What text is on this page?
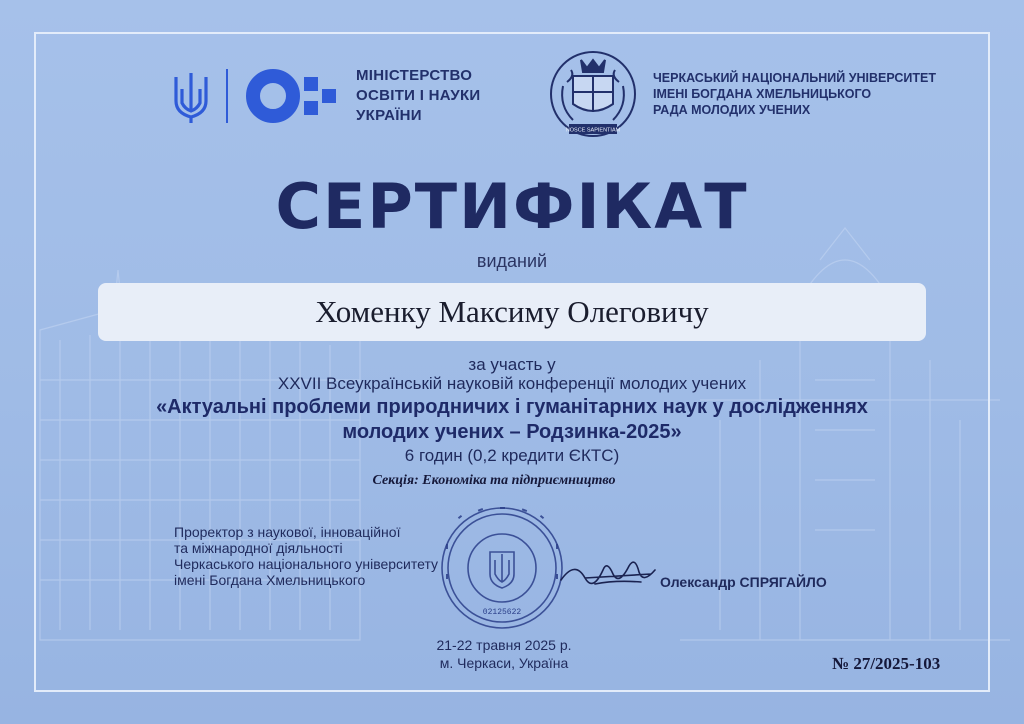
МІНІСТЕРСТВО
ОСВІТИ І НАУКИ
УКРАЇНИ
NOSCE SAPIENTIAM
ЧЕРКАСЬКИЙ НАЦІОНАЛЬНИЙ УНІВЕРСИТЕТ
ІМЕНІ БОГДАНА ХМЕЛЬНИЦЬКОГО
РАДА МОЛОДИХ УЧЕНИХ
СЕРТИФІКАТ
виданий
Хоменку Максиму Олеговичу
за участь у
XXVII Всеукраїнській науковій конференції молодих учених
«Актуальні проблеми природничих і гуманітарних наук у дослідженнях
молодих учених – Родзинка-2025»
6 годин (0,2 кредити ЄКТС)
Секція: Економіка та підприємництво
Проректор з наукової, інноваційної
та міжнародної діяльності
Черкаського національного університету
імені Богдана Хмельницького
02125622
Олександр СПРЯГАЙЛО
21-22 травня 2025 р.
м. Черкаси, Україна	№ 27/2025-103
